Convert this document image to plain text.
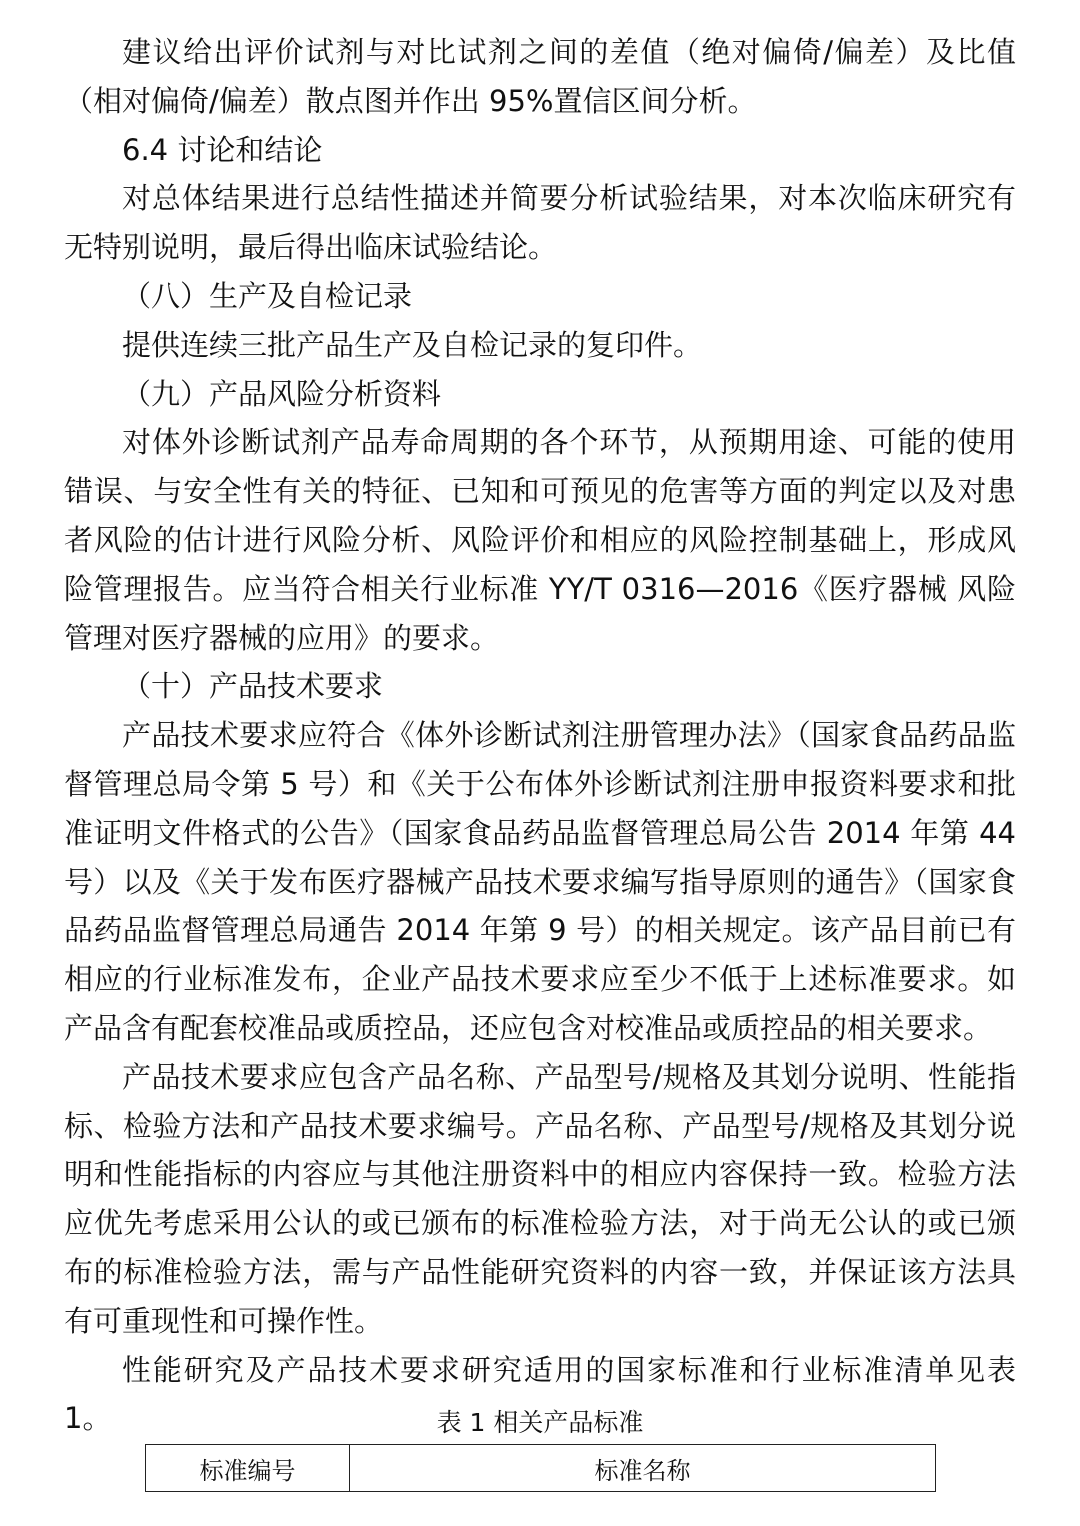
建议给出评价试剂与对比试剂之间的差值（绝对偏倚/偏差）及比值（相对偏倚/偏差）散点图并作出 95%置信区间分析。

6.4 讨论和结论

对总体结果进行总结性描述并简要分析试验结果，对本次临床研究有无特别说明，最后得出临床试验结论。

（八）生产及自检记录

提供连续三批产品生产及自检记录的复印件。

（九）产品风险分析资料

对体外诊断试剂产品寿命周期的各个环节，从预期用途、可能的使用错误、与安全性有关的特征、已知和可预见的危害等方面的判定以及对患者风险的估计进行风险分析、风险评价和相应的风险控制基础上，形成风险管理报告。应当符合相关行业标准 YY/T 0316—2016《医疗器械 风险管理对医疗器械的应用》的要求。

（十）产品技术要求

产品技术要求应符合《体外诊断试剂注册管理办法》（国家食品药品监督管理总局令第 5 号）和《关于公布体外诊断试剂注册申报资料要求和批准证明文件格式的公告》（国家食品药品监督管理总局公告 2014 年第 44 号）以及《关于发布医疗器械产品技术要求编写指导原则的通告》（国家食品药品监督管理总局通告 2014 年第 9 号）的相关规定。该产品目前已有相应的行业标准发布，企业产品技术要求应至少不低于上述标准要求。如产品含有配套校准品或质控品，还应包含对校准品或质控品的相关要求。

产品技术要求应包含产品名称、产品型号/规格及其划分说明、性能指标、检验方法和产品技术要求编号。产品名称、产品型号/规格及其划分说明和性能指标的内容应与其他注册资料中的相应内容保持一致。检验方法应优先考虑采用公认的或已颁布的标准检验方法，对于尚无公认的或已颁布的标准检验方法，需与产品性能研究资料的内容一致，并保证该方法具有可重现性和可操作性。

性能研究及产品技术要求研究适用的国家标准和行业标准清单见表 1。	表 1 相关产品标准
标准编号	标准名称
